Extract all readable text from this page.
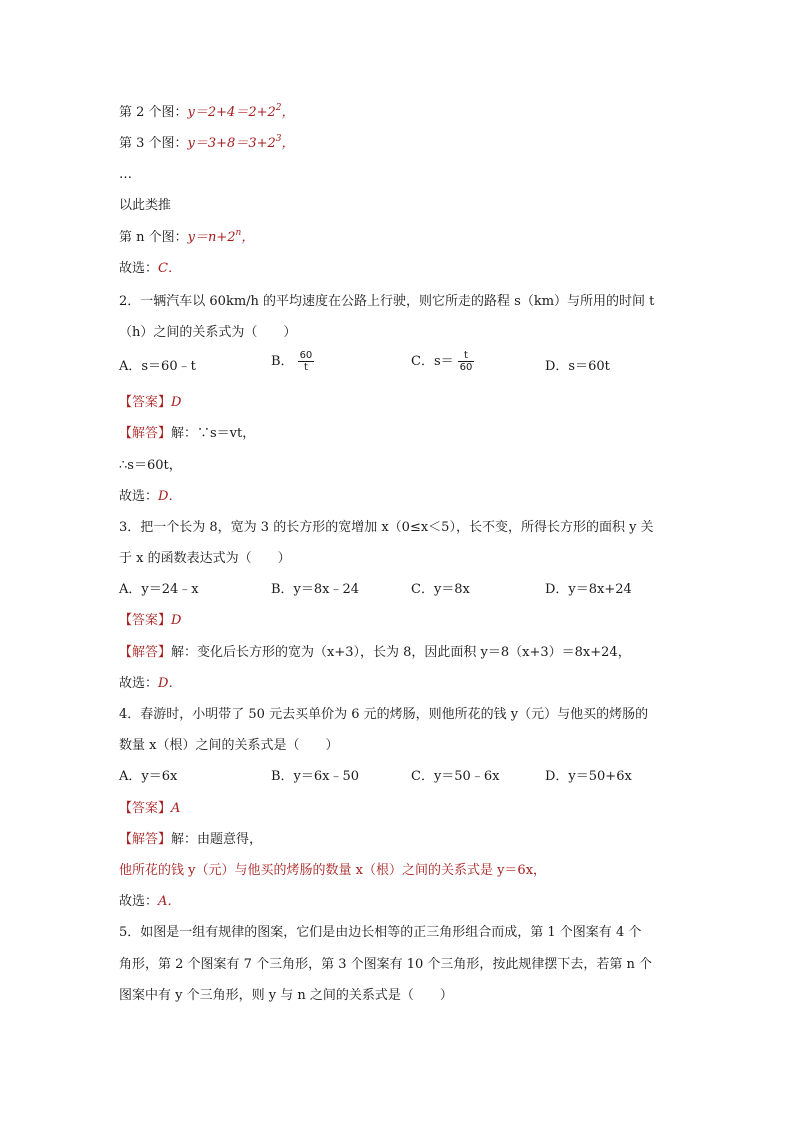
第 2 个图：$y=2+4=2+2^2$，
第 3 个图：$y=3+8=3+2^3$，
…
以此类推
第 n 个图：$y=n+2^n$，
故选：C．
2．一辆汽车以 60km/h 的平均速度在公路上行驶，则它所走的路程 s（km）与所用的时间 t
（h）之间的关系式为（　　）
A．s＝60﹣t	B． $\frac{60}{t}$	C．$s= \frac{t}{60}$	D．s＝60t
【答案】D
【解答】解：∵s＝vt，
∴s＝60t，
故选：D．
3．把一个长为 8，宽为 3 的长方形的宽增加 x（0≤x＜5），长不变，所得长方形的面积 y 关
于 x 的函数表达式为（　　）
A．y＝24﹣x	B．y＝8x﹣24	C．y＝8x	D．y＝8x+24
【答案】D
【解答】解：变化后长方形的宽为（x+3），长为 8，因此面积 y＝8（x+3）＝8x+24，
故选：D．
4．春游时，小明带了 50 元去买单价为 6 元的烤肠，则他所花的钱 y（元）与他买的烤肠的
数量 x（根）之间的关系式是（　　）
A．y＝6x	B．y＝6x﹣50	C．y＝50﹣6x	D．y＝50+6x
【答案】A
【解答】解：由题意得，
他所花的钱 y（元）与他买的烤肠的数量 x（根）之间的关系式是 y＝6x，
故选：A．
5．如图是一组有规律的图案，它们是由边长相等的正三角形组合而成，第 1 个图案有 4 个
角形，第 2 个图案有 7 个三角形，第 3 个图案有 10 个三角形，按此规律摆下去，若第 n 个
图案中有 y 个三角形，则 y 与 n 之间的关系式是（　　）
